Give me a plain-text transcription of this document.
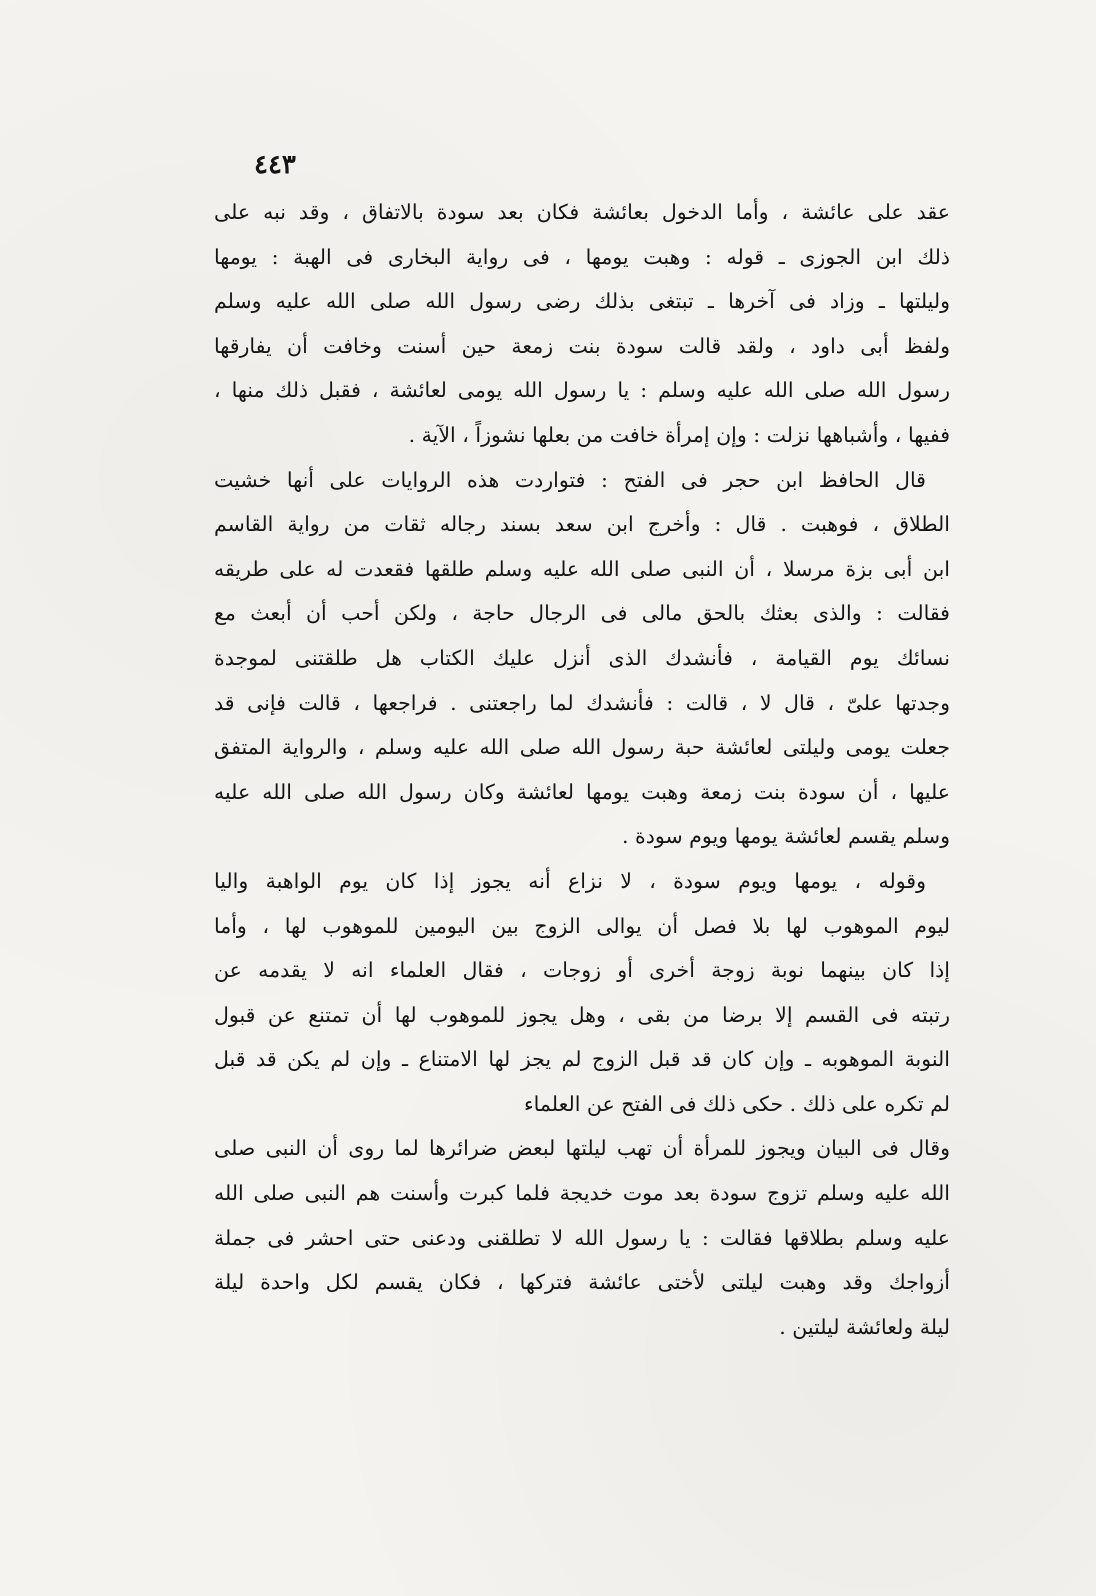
٤٤٣
عقد على عائشة ، وأما الدخول بعائشة فكان بعد سودة بالاتفاق ، وقد نبه على
ذلك ابن الجوزى ـ قوله : وهبت يومها ، فى رواية البخارى فى الهبة : يومها
وليلتها ـ وزاد فى آخرها ـ تبتغى بذلك رضى رسول الله صلى الله عليه وسلم
ولفظ أبى داود ، ولقد قالت سودة بنت زمعة حين أسنت وخافت أن يفارقها
رسول الله صلى الله عليه وسلم : يا رسول الله يومى لعائشة ، فقبل ذلك منها ،
ففيها ، وأشباهها نزلت : وإن إمرأة خافت من بعلها نشوزاً ، الآية .
قال الحافظ ابن حجر فى الفتح : فتواردت هذه الروايات على أنها خشيت
الطلاق ، فوهبت . قال : وأخرج ابن سعد بسند رجاله ثقات من رواية القاسم
ابن أبى بزة مرسلا ، أن النبى صلى الله عليه وسلم طلقها فقعدت له على طريقه
فقالت : والذى بعثك بالحق مالى فى الرجال حاجة ، ولكن أحب أن أبعث مع
نسائك يوم القيامة ، فأنشدك الذى أنزل عليك الكتاب هل طلقتنى لموجدة
وجدتها علىّ ، قال لا ، قالت : فأنشدك لما راجعتنى . فراجعها ، قالت فإنى قد
جعلت يومى وليلتى لعائشة حبة رسول الله صلى الله عليه وسلم ، والرواية المتفق
عليها ، أن سودة بنت زمعة وهبت يومها لعائشة وكان رسول الله صلى الله عليه
وسلم يقسم لعائشة يومها ويوم سودة .
وقوله ، يومها ويوم سودة ، لا نزاع أنه يجوز إذا كان يوم الواهبة واليا
ليوم الموهوب لها بلا فصل أن يوالى الزوج بين اليومين للموهوب لها ، وأما
إذا كان بينهما نوبة زوجة أخرى أو زوجات ، فقال العلماء انه لا يقدمه عن
رتبته فى القسم إلا برضا من بقى ، وهل يجوز للموهوب لها أن تمتنع عن قبول
النوبة الموهوبه ـ وإن كان قد قبل الزوج لم يجز لها الامتناع ـ وإن لم يكن قد قبل
لم تكره على ذلك . حكى ذلك فى الفتح عن العلماء
وقال فى البيان ويجوز للمرأة أن تهب ليلتها لبعض ضرائرها لما روى أن النبى صلى
الله عليه وسلم تزوج سودة بعد موت خديجة فلما كبرت وأسنت هم النبى صلى الله
عليه وسلم بطلاقها فقالت : يا رسول الله لا تطلقنى ودعنى حتى احشر فى جملة
أزواجك وقد وهبت ليلتى لأختى عائشة فتركها ، فكان يقسم لكل واحدة ليلة
ليلة ولعائشة ليلتين .
